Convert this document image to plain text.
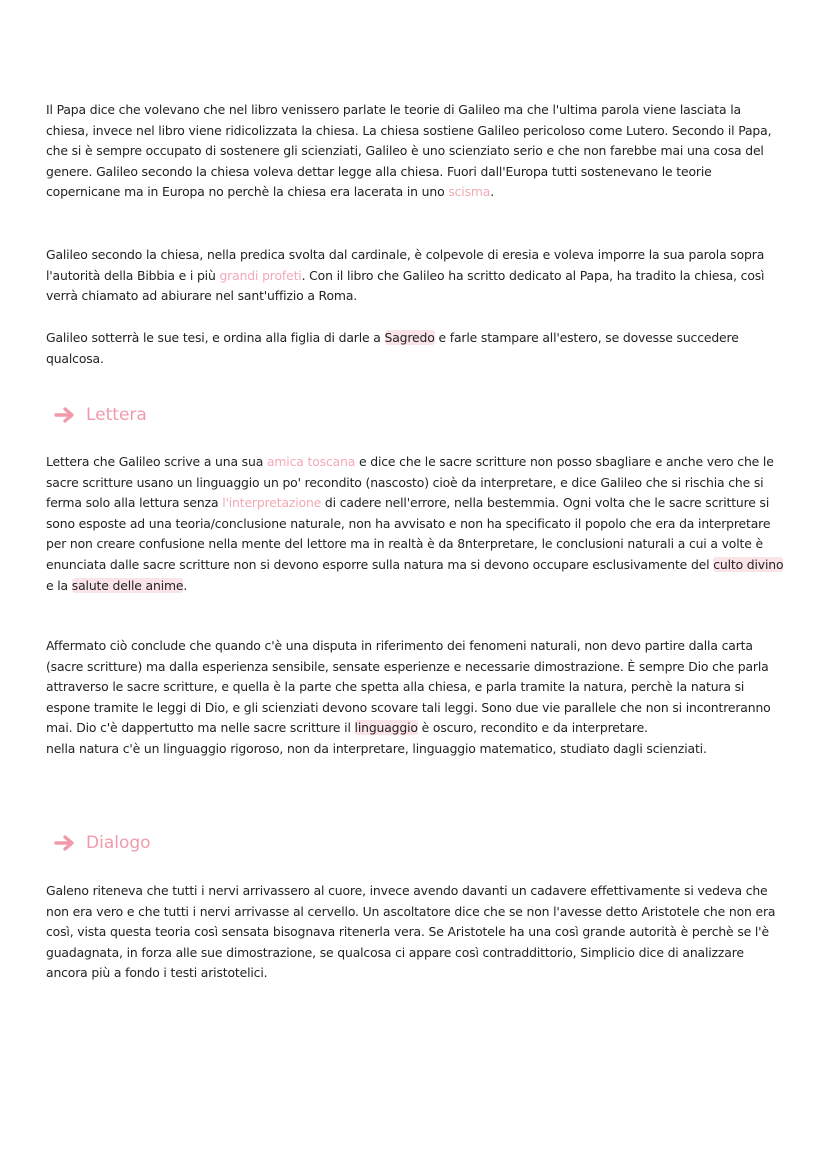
Il Papa dice che volevano che nel libro venissero parlate le teorie di Galileo ma che l'ultima parola viene lasciata la chiesa, invece nel libro viene ridicolizzata la chiesa. La chiesa sostiene Galileo pericoloso come Lutero. Secondo il Papa, che si è sempre occupato di sostenere gli scienziati, Galileo è uno scienziato serio e che non farebbe mai una cosa del genere. Galileo secondo la chiesa voleva dettar legge alla chiesa. Fuori dall'Europa tutti sostenevano le teorie copernicane ma in Europa no perchè la chiesa era lacerata in uno scisma.

Galileo secondo la chiesa, nella predica svolta dal cardinale, è colpevole di eresia e voleva imporre la sua parola sopra l'autorità della Bibbia e i più grandi profeti. Con il libro che Galileo ha scritto dedicato al Papa, ha tradito la chiesa, così verrà chiamato ad abiurare nel sant'uffizio a Roma.

Galileo sotterrà le sue tesi, e ordina alla figlia di darle a Sagredo e farle stampare all'estero, se dovesse succedere qualcosa.

Lettera

Lettera che Galileo scrive a una sua amica toscana e dice che le sacre scritture non posso sbagliare e anche vero che le sacre scritture usano un linguaggio un po' recondito (nascosto) cioè da interpretare, e dice Galileo che si rischia che si ferma solo alla lettura senza l'interpretazione di cadere nell'errore, nella bestemmia. Ogni volta che le sacre scritture si sono esposte ad una teoria/conclusione naturale, non ha avvisato e non ha specificato il popolo che era da interpretare per non creare confusione nella mente del lettore ma in realtà è da 8nterpretare, le conclusioni naturali a cui a volte è enunciata dalle sacre scritture non si devono esporre sulla natura ma si devono occupare esclusivamente del culto divino e la salute delle anime.

Affermato ciò conclude che quando c'è una disputa in riferimento dei fenomeni naturali, non devo partire dalla carta (sacre scritture) ma dalla esperienza sensibile, sensate esperienze e necessarie dimostrazione. È sempre Dio che parla attraverso le sacre scritture, e quella è la parte che spetta alla chiesa, e parla tramite la natura, perchè la natura si espone tramite le leggi di Dio, e gli scienziati devono scovare tali leggi. Sono due vie parallele che non si incontreranno mai. Dio c'è dappertutto ma nelle sacre scritture il linguaggio è oscuro, recondito e da interpretare.
nella natura c'è un linguaggio rigoroso, non da interpretare, linguaggio matematico, studiato dagli scienziati.

Dialogo

Galeno riteneva che tutti i nervi arrivassero al cuore, invece avendo davanti un cadavere effettivamente si vedeva che non era vero e che tutti i nervi arrivasse al cervello. Un ascoltatore dice che se non l'avesse detto Aristotele che non era così, vista questa teoria così sensata bisognava ritenerla vera. Se Aristotele ha una così grande autorità è perchè se l'è guadagnata, in forza alle sue dimostrazione, se qualcosa ci appare così contraddittorio, Simplicio dice di analizzare ancora più a fondo i testi aristotelici.
